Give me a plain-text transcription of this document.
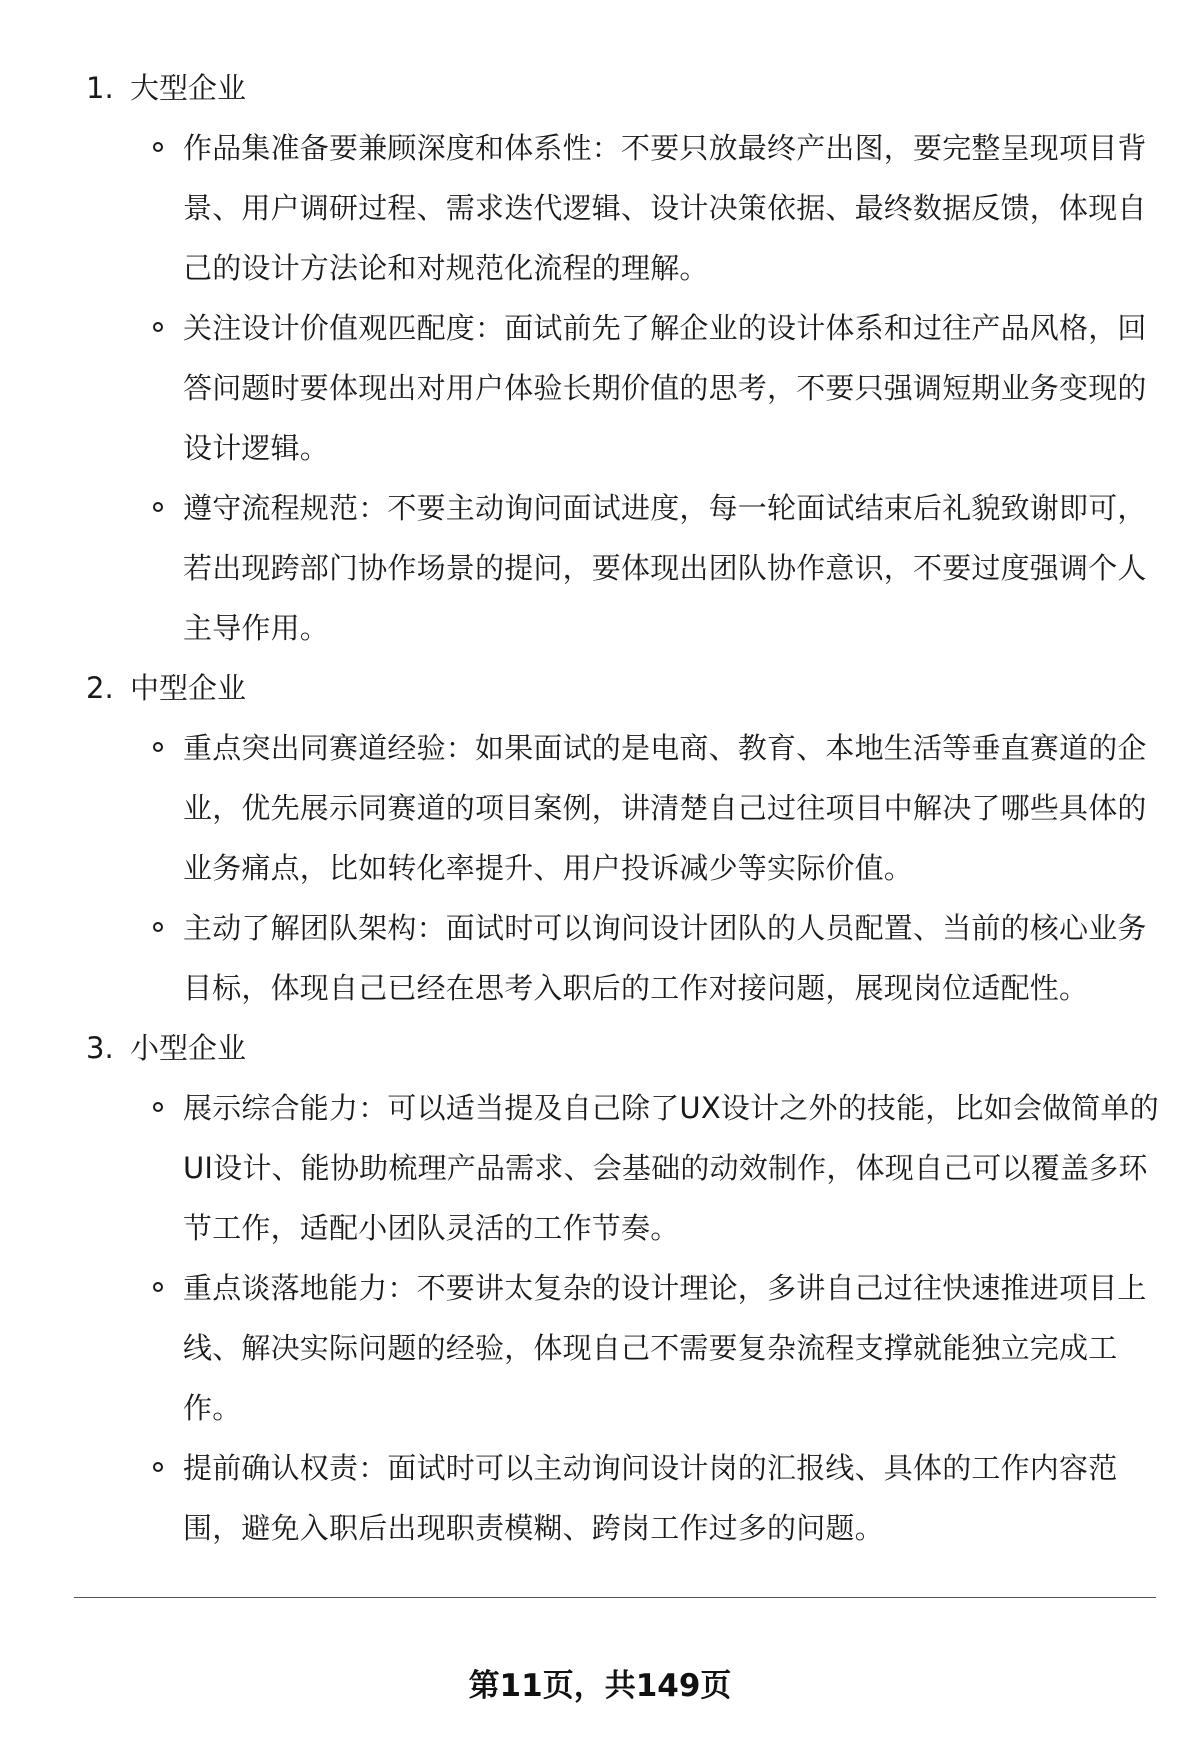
1. 大型企业
作品集准备要兼顾深度和体系性：不要只放最终产出图，要完整呈现项目背景、用户调研过程、需求迭代逻辑、设计决策依据、最终数据反馈，体现自己的设计方法论和对规范化流程的理解。
关注设计价值观匹配度：面试前先了解企业的设计体系和过往产品风格，回答问题时要体现出对用户体验长期价值的思考，不要只强调短期业务变现的设计逻辑。
遵守流程规范：不要主动询问面试进度，每一轮面试结束后礼貌致谢即可，若出现跨部门协作场景的提问，要体现出团队协作意识，不要过度强调个人主导作用。
2. 中型企业
重点突出同赛道经验：如果面试的是电商、教育、本地生活等垂直赛道的企业，优先展示同赛道的项目案例，讲清楚自己过往项目中解决了哪些具体的业务痛点，比如转化率提升、用户投诉减少等实际价值。
主动了解团队架构：面试时可以询问设计团队的人员配置、当前的核心业务目标，体现自己已经在思考入职后的工作对接问题，展现岗位适配性。
3. 小型企业
展示综合能力：可以适当提及自己除了UX设计之外的技能，比如会做简单的UI设计、能协助梳理产品需求、会基础的动效制作，体现自己可以覆盖多环节工作，适配小团队灵活的工作节奏。
重点谈落地能力：不要讲太复杂的设计理论，多讲自己过往快速推进项目上线、解决实际问题的经验，体现自己不需要复杂流程支撑就能独立完成工作。
提前确认权责：面试时可以主动询问设计岗的汇报线、具体的工作内容范围，避免入职后出现职责模糊、跨岗工作过多的问题。
第11页，共149页
